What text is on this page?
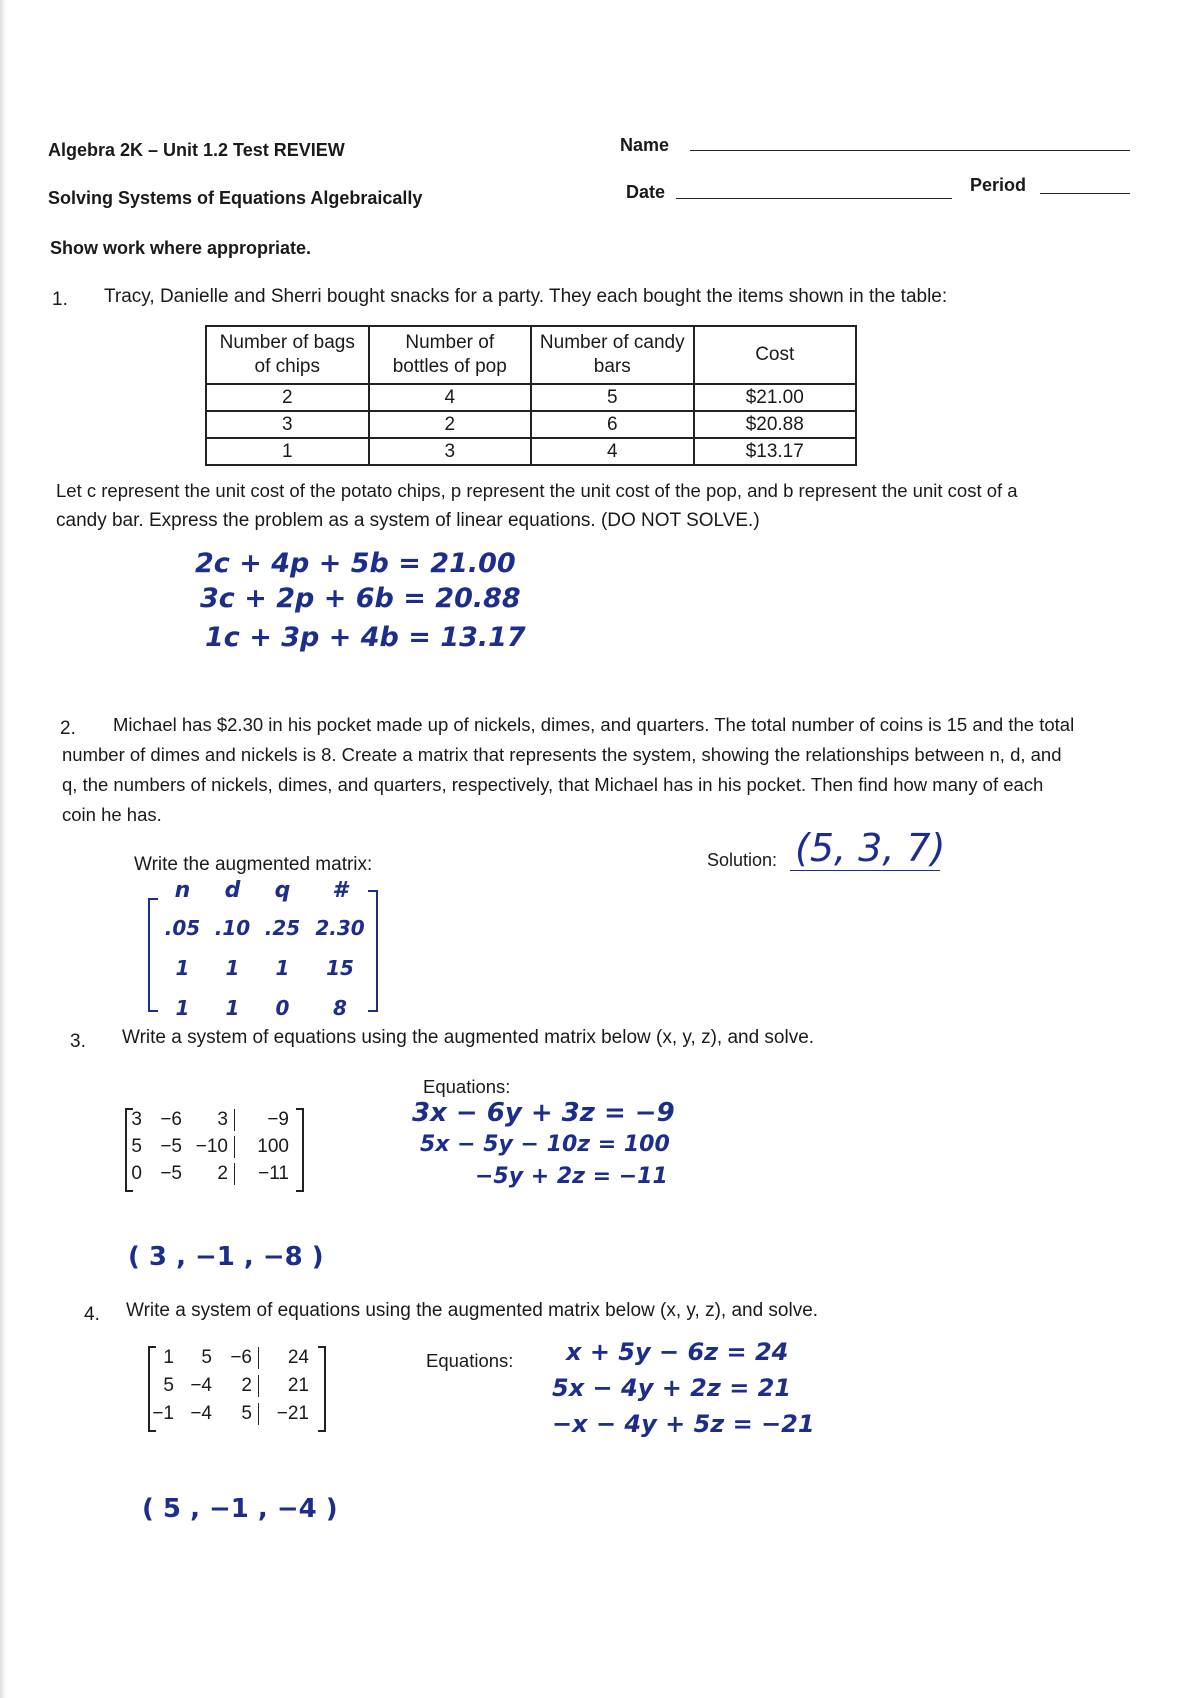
Algebra 2K – Unit 1.2 Test REVIEW
Solving Systems of Equations Algebraically
Show work where appropriate.
Name
Date	Period
1. Tracy, Danielle and Sherri bought snacks for a party. They each bought the items shown in the table:
Number of bags of chips	Number of bottles of pop	Number of candy bars	Cost
2	4	5	$21.00
3	2	6	$20.88
1	3	4	$13.17
Let c represent the unit cost of the potato chips, p represent the unit cost of the pop, and b represent the unit cost of a
candy bar. Express the problem as a system of linear equations. (DO NOT SOLVE.)
2c + 4p + 5b = 21.00
3c + 2p + 6b = 20.88
1c + 3p + 4b = 13.17
2. Michael has $2.30 in his pocket made up of nickels, dimes, and quarters. The total number of coins is 15 and the total
number of dimes and nickels is 8. Create a matrix that represents the system, showing the relationships between n, d, and
q, the numbers of nickels, dimes, and quarters, respectively, that Michael has in his pocket. Then find how many of each
coin he has.
Write the augmented matrix:	Solution: (5, 3, 7)
n	d	q	#
.05 .10 .25 2.30
1	1	1	15
1	1	0	8
3. Write a system of equations using the augmented matrix below (x, y, z), and solve.
3 −6	3	−9
5 −5 −10	100
0 −5	2	−11
Equations:
3x − 6y + 3z = −9
5x − 5y − 10z = 100
−5y + 2z = −11
( 3 , −1 , −8 )
4. Write a system of equations using the augmented matrix below (x, y, z), and solve.
1	5 −6	24
5 −4	2	21
−1 −4	5	−21
Equations: x + 5y − 6z = 24
5x − 4y + 2z = 21
−x − 4y + 5z = −21
( 5 , −1 , −4 )
